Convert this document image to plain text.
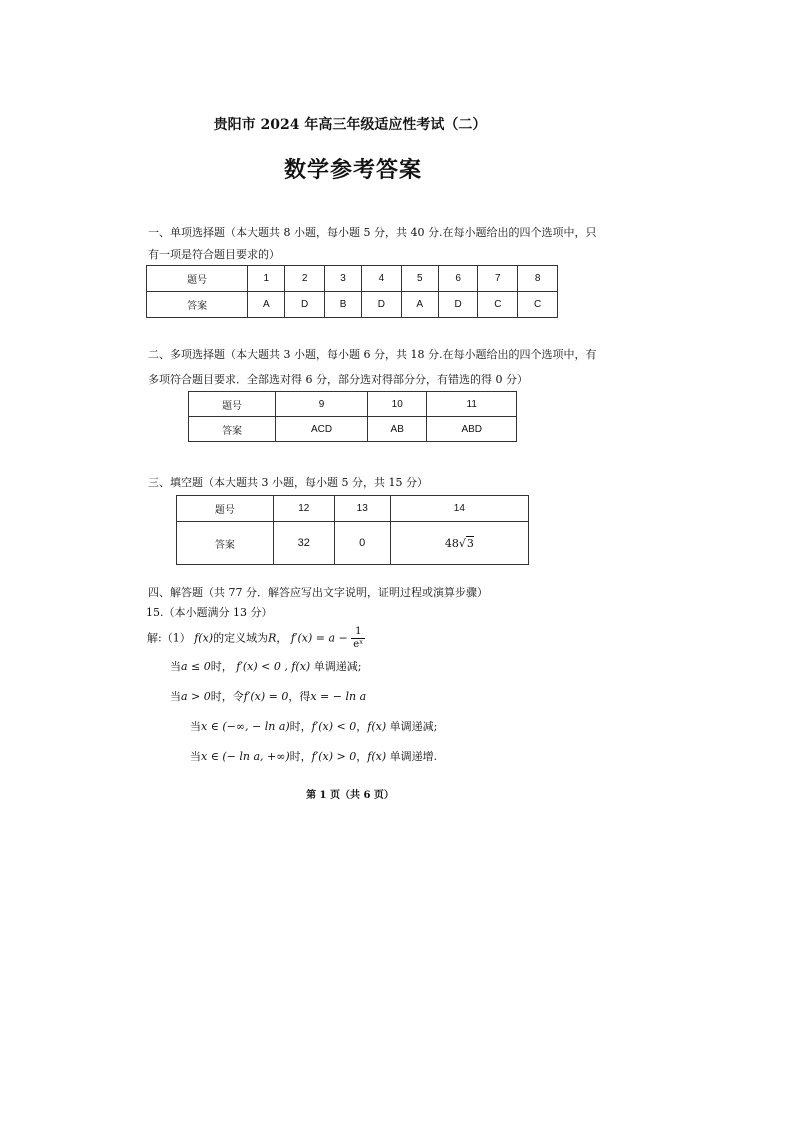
贵阳市 2024 年高三年级适应性考试（二）
数学参考答案
一、单项选择题（本大题共 8 小题，每小题 5 分，共 40 分.在每小题给出的四个选项中，只
有一项是符合题目要求的）
题号	1	2	3	4	5	6	7	8
答案	A	D	B	D	A	D	C	C
二、多项选择题（本大题共 3 小题，每小题 6 分，共 18 分.在每小题给出的四个选项中，有
多项符合题目要求．全部选对得 6 分，部分选对得部分分，有错选的得 0 分）
题号	9	10	11
答案	ACD	AB	ABD
三、填空题（本大题共 3 小题，每小题 5 分，共 15 分）
题号	12	13	14
答案	32	0	48√3
四、解答题（共 77 分．解答应写出文字说明，证明过程或演算步骤）
15.（本小题满分 13 分）
解:（1） f(x)的定义域为R， $f'(x) = a - \frac{1}{\text{eˣ}}$
当a ≤ 0时， f′(x) < 0 , f(x) 单调递减;
当a > 0时，令f′(x) = 0，得x = − ln a
当x ∈ (−∞, − ln a)时，f′(x) < 0，f(x) 单调递减;
当x ∈ (− ln a, +∞)时，f′(x) > 0，f(x) 单调递增.
第 1 页（共 6 页）
